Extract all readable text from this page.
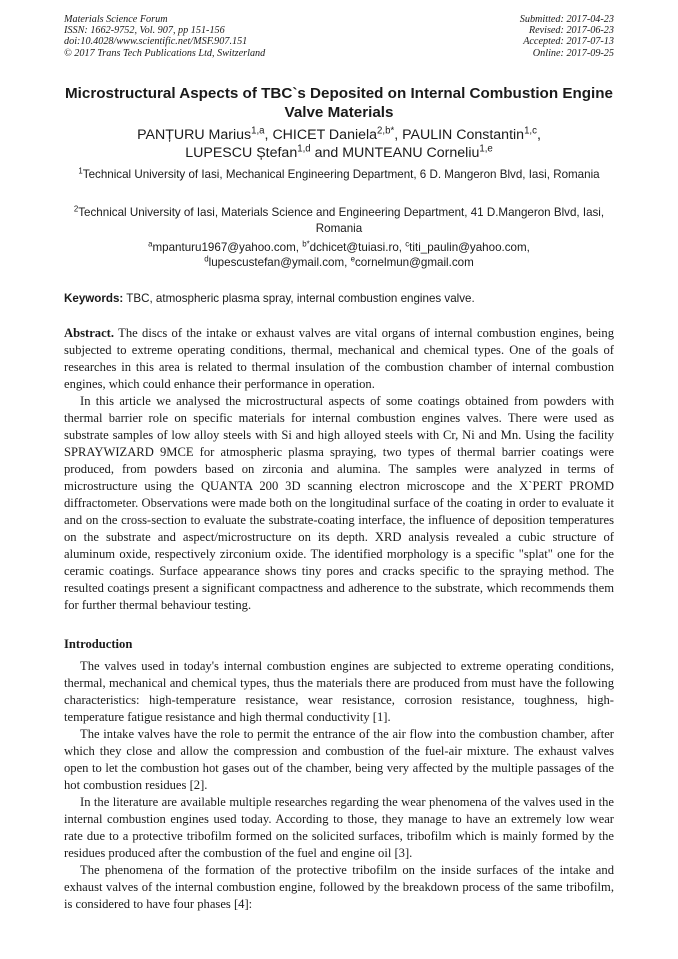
Materials Science Forum
ISSN: 1662-9752, Vol. 907, pp 151-156
doi:10.4028/www.scientific.net/MSF.907.151
© 2017 Trans Tech Publications Ltd, Switzerland
Submitted: 2017-04-23
Revised: 2017-06-23
Accepted: 2017-07-13
Online: 2017-09-25
Microstructural Aspects of TBC`s Deposited on Internal Combustion Engine Valve Materials
PANȚURU Marius$^{1,a}$, CHICET Daniela$^{2,b*}$, PAULIN Constantin$^{1,c}$,
LUPESCU Ștefan$^{1,d}$ and MUNTEANU Corneliu$^{1,e}$
$^1$Technical University of Iasi, Mechanical Engineering Department, 6 D. Mangeron Blvd, Iasi, Romania
$^2$Technical University of Iasi, Materials Science and Engineering Department, 41 D.Mangeron Blvd, Iasi, Romania
$^a$mpanturu1967@yahoo.com, $^{b*}$dchicet@tuiasi.ro, $^c$titi_paulin@yahoo.com,
$^d$lupescustefan@ymail.com, $^e$cornelmun@gmail.com
Keywords: TBC, atmospheric plasma spray, internal combustion engines valve.

Abstract. The discs of the intake or exhaust valves are vital organs of internal combustion engines, being subjected to extreme operating conditions, thermal, mechanical and chemical types. One of the goals of researches in this area is related to thermal insulation of the combustion chamber of internal combustion engines, which could enhance their performance in operation.

In this article we analysed the microstructural aspects of some coatings obtained from powders with thermal barrier role on specific materials for internal combustion engines valves. There were used as substrate samples of low alloy steels with Si and high alloyed steels with Cr, Ni and Mn. Using the facility SPRAYWIZARD 9MCE for atmospheric plasma spraying, two types of thermal barrier coatings were produced, from powders based on zirconia and alumina. The samples were analyzed in terms of microstructure using the QUANTA 200 3D scanning electron microscope and the X`PERT PROMD diffractometer. Observations were made both on the longitudinal surface of the coating in order to evaluate it and on the cross-section to evaluate the substrate-coating interface, the influence of deposition temperatures on the substrate and aspect/microstructure on its depth. XRD analysis revealed a cubic structure of aluminum oxide, respectively zirconium oxide. The identified morphology is a specific "splat" one for the ceramic coatings. Surface appearance shows tiny pores and cracks specific to the spraying method. The resulted coatings present a significant compactness and adherence to the substrate, which recommends them for further thermal behaviour testing.

Introduction

The valves used in today's internal combustion engines are subjected to extreme operating conditions, thermal, mechanical and chemical types, thus the materials there are produced from must have the following characteristics: high-temperature resistance, wear resistance, corrosion resistance, toughness, high-temperature fatigue resistance and high thermal conductivity [1].

The intake valves have the role to permit the entrance of the air flow into the combustion chamber, after which they close and allow the compression and combustion of the fuel-air mixture. The exhaust valves open to let the combustion hot gases out of the chamber, being very affected by the multiple passages of the hot combustion residues [2].

In the literature are available multiple researches regarding the wear phenomena of the valves used in the internal combustion engines used today. According to those, they manage to have an extremely low wear rate due to a protective tribofilm formed on the solicited surfaces, tribofilm which is mainly formed by the residues produced after the combustion of the fuel and engine oil [3].

The phenomena of the formation of the protective tribofilm on the inside surfaces of the intake and exhaust valves of the internal combustion engine, followed by the breakdown process of the same tribofilm, is considered to have four phases [4]:
